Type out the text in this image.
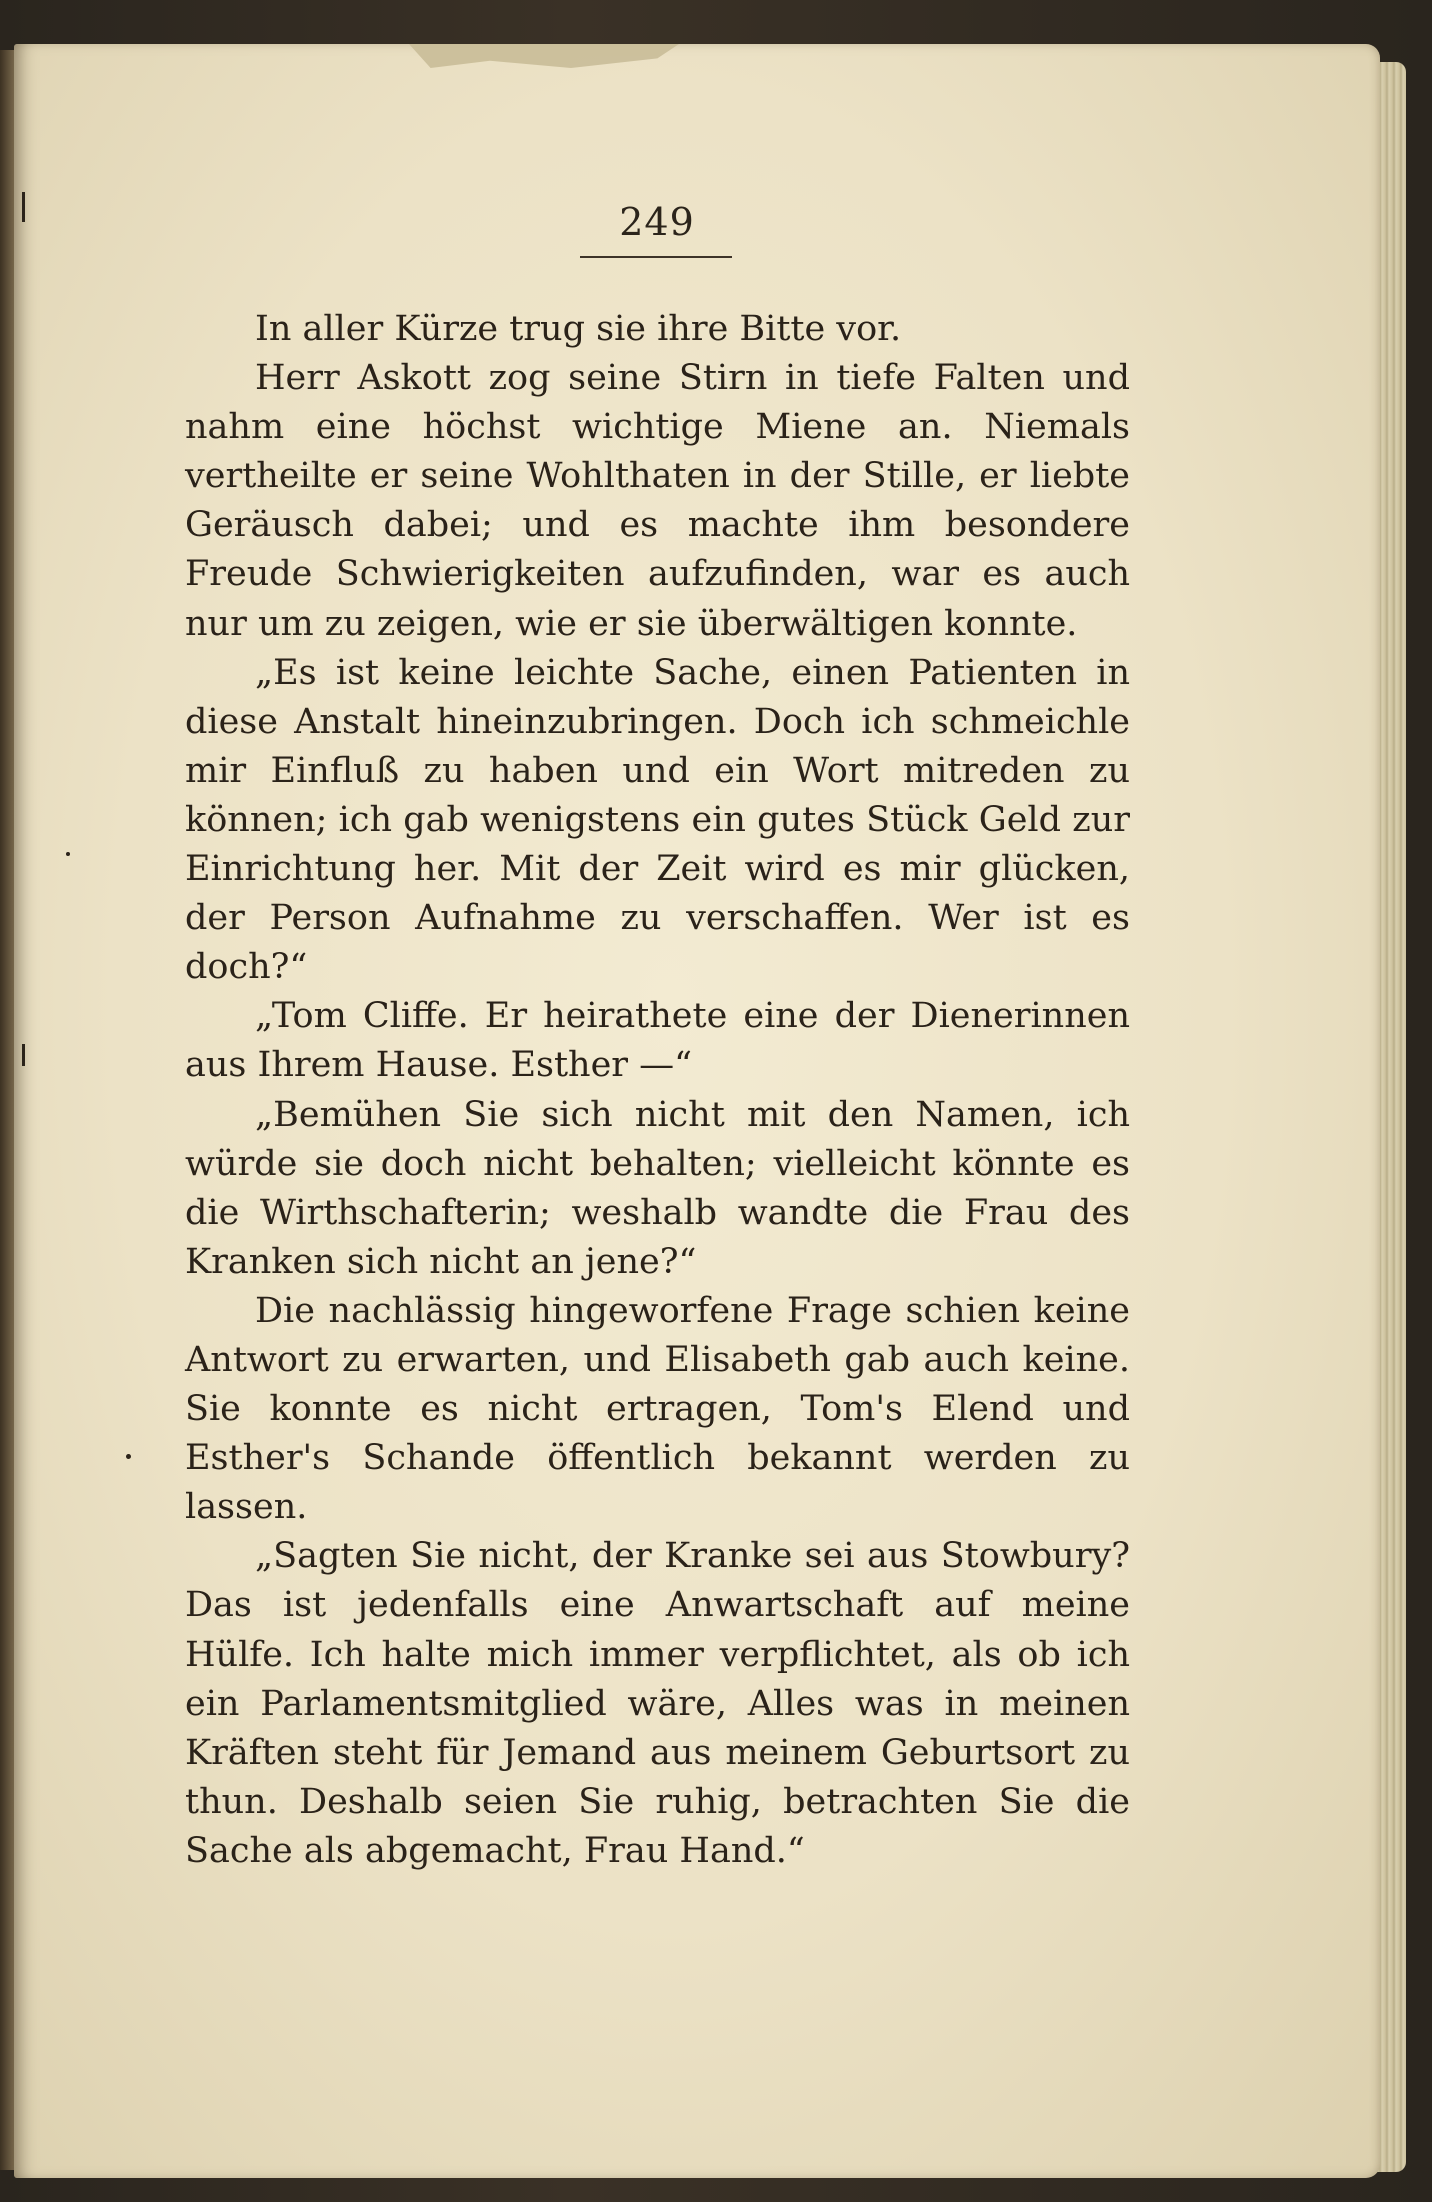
249

In aller Kürze trug sie ihre Bitte vor.

Herr Askott zog seine Stirn in tiefe Falten und nahm eine höchst wichtige Miene an. Niemals vertheilte er seine Wohlthaten in der Stille, er liebte Geräusch dabei; und es machte ihm besondere Freude Schwierigkeiten aufzufinden, war es auch nur um zu zeigen, wie er sie überwältigen konnte.

„Es ist keine leichte Sache, einen Patienten in diese Anstalt hineinzubringen. Doch ich schmeichle mir Einfluß zu haben und ein Wort mitreden zu können; ich gab wenigstens ein gutes Stück Geld zur Einrichtung her. Mit der Zeit wird es mir glücken, der Person Aufnahme zu verschaffen. Wer ist es doch?“

„Tom Cliffe. Er heirathete eine der Dienerinnen aus Ihrem Hause. Esther —“

„Bemühen Sie sich nicht mit den Namen, ich würde sie doch nicht behalten; vielleicht könnte es die Wirthschafterin; weshalb wandte die Frau des Kranken sich nicht an jene?“

Die nachlässig hingeworfene Frage schien keine Antwort zu erwarten, und Elisabeth gab auch keine. Sie konnte es nicht ertragen, Tom's Elend und Esther's Schande öffentlich bekannt werden zu lassen.

„Sagten Sie nicht, der Kranke sei aus Stowbury? Das ist jedenfalls eine Anwartschaft auf meine Hülfe. Ich halte mich immer verpflichtet, als ob ich ein Parlamentsmitglied wäre, Alles was in meinen Kräften steht für Jemand aus meinem Geburtsort zu thun. Deshalb seien Sie ruhig, betrachten Sie die Sache als abgemacht, Frau Hand.“
